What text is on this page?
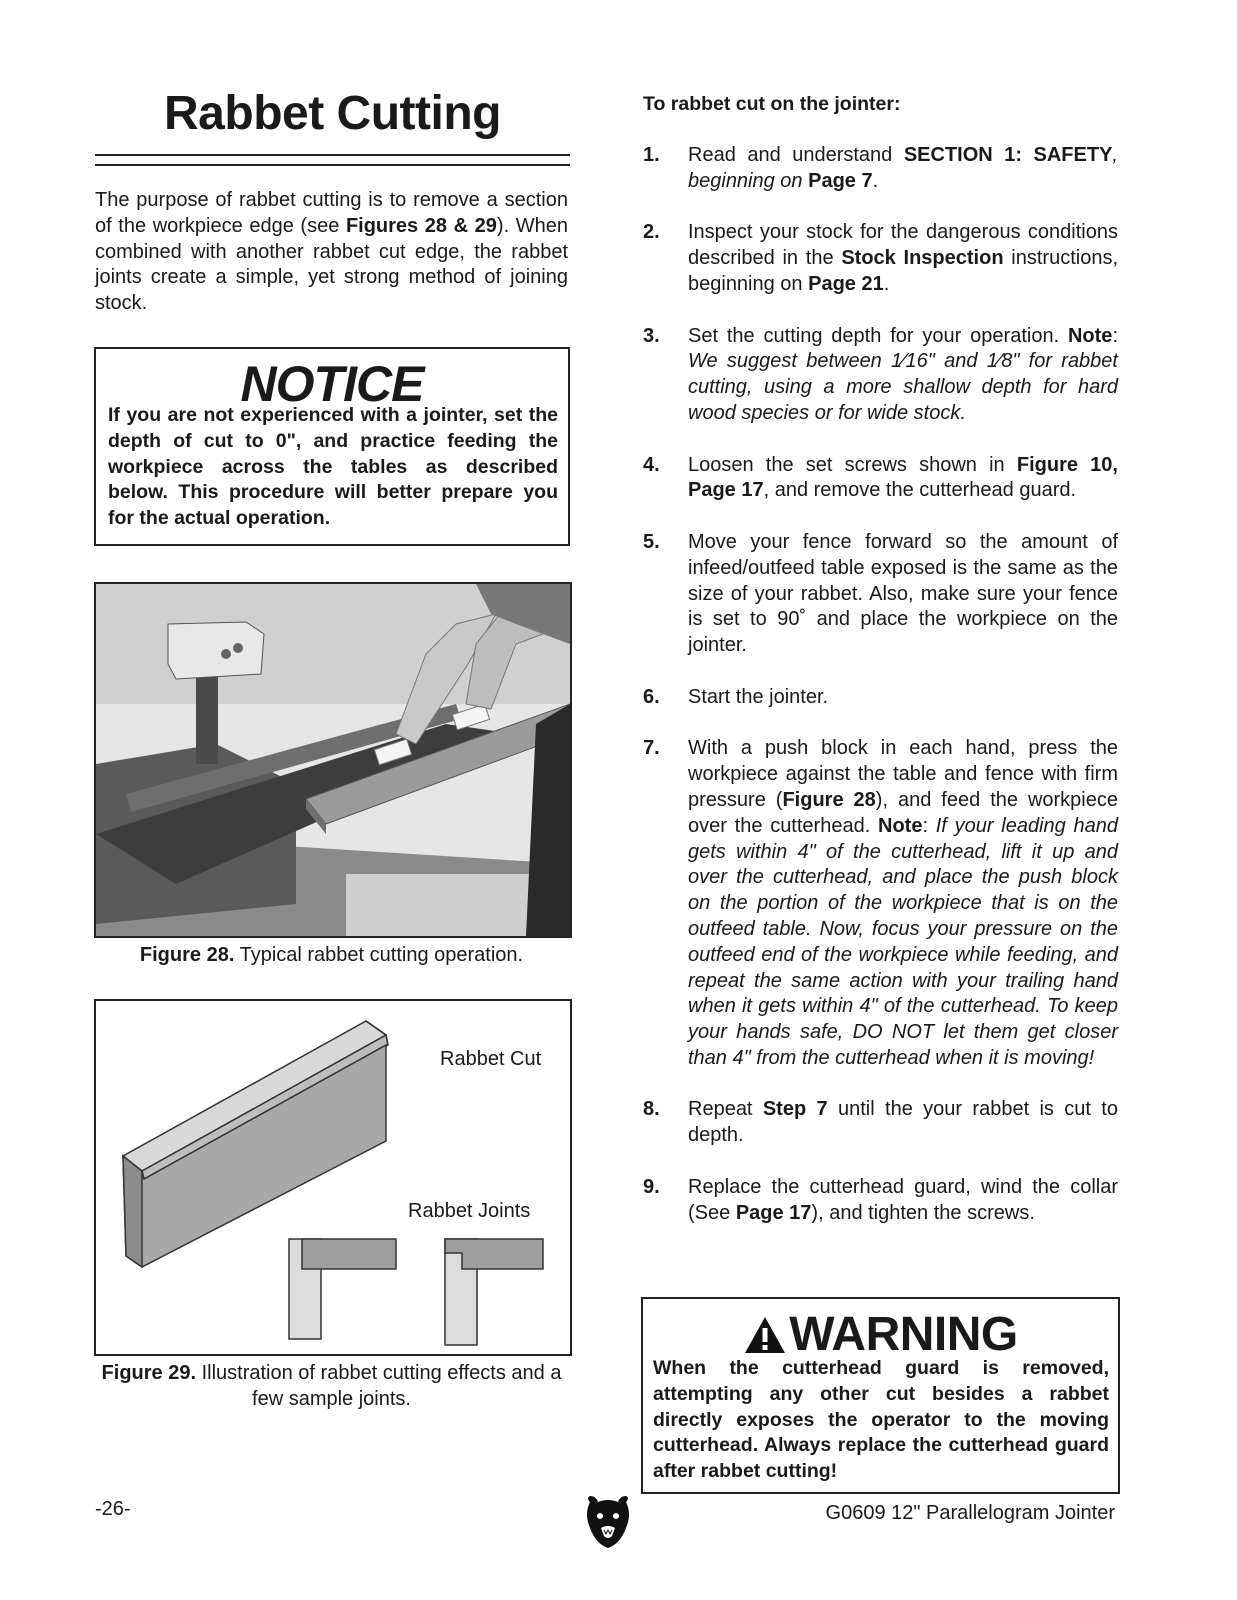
Rabbet Cutting

The purpose of rabbet cutting is to remove a section of the workpiece edge (see Figures 28 & 29). When combined with another rabbet cut edge, the rabbet joints create a simple, yet strong method of joining stock.

NOTICE
If you are not experienced with a jointer, set the depth of cut to 0", and practice feeding the workpiece across the tables as described below. This procedure will better prepare you for the actual operation.
Figure 28. Typical rabbet cutting operation.
Rabbet Cut
Rabbet Joints
Figure 29. Illustration of rabbet cutting effects and a few sample joints.
To rabbet cut on the jointer:
1.	Read and understand SECTION 1: SAFETY, beginning on Page 7.
2.	Inspect your stock for the dangerous conditions described in the Stock Inspection instructions, beginning on Page 21.
3.	Set the cutting depth for your operation. Note: We suggest between 1⁄16" and 1⁄8" for rabbet cutting, using a more shallow depth for hard wood species or for wide stock.
4.	Loosen the set screws shown in Figure 10, Page 17, and remove the cutterhead guard.
5.	Move your fence forward so the amount of infeed/outfeed table exposed is the same as the size of your rabbet. Also, make sure your fence is set to 90˚ and place the workpiece on the jointer.
6.	Start the jointer.
7.	With a push block in each hand, press the workpiece against the table and fence with firm pressure (Figure 28), and feed the workpiece over the cutterhead. Note: If your leading hand gets within 4" of the cutterhead, lift it up and over the cutterhead, and place the push block on the portion of the workpiece that is on the outfeed table. Now, focus your pressure on the outfeed end of the workpiece while feeding, and repeat the same action with your trailing hand when it gets within 4" of the cutterhead. To keep your hands safe, DO NOT let them get closer than 4" from the cutterhead when it is moving!
8.	Repeat Step 7 until the your rabbet is cut to depth.
9.	Replace the cutterhead guard, wind the collar (See Page 17), and tighten the screws.
WARNING
When the cutterhead guard is removed, attempting any other cut besides a rabbet directly exposes the operator to the moving cutterhead. Always replace the cutterhead guard after rabbet cutting!
-26-	G0609 12" Parallelogram Jointer
